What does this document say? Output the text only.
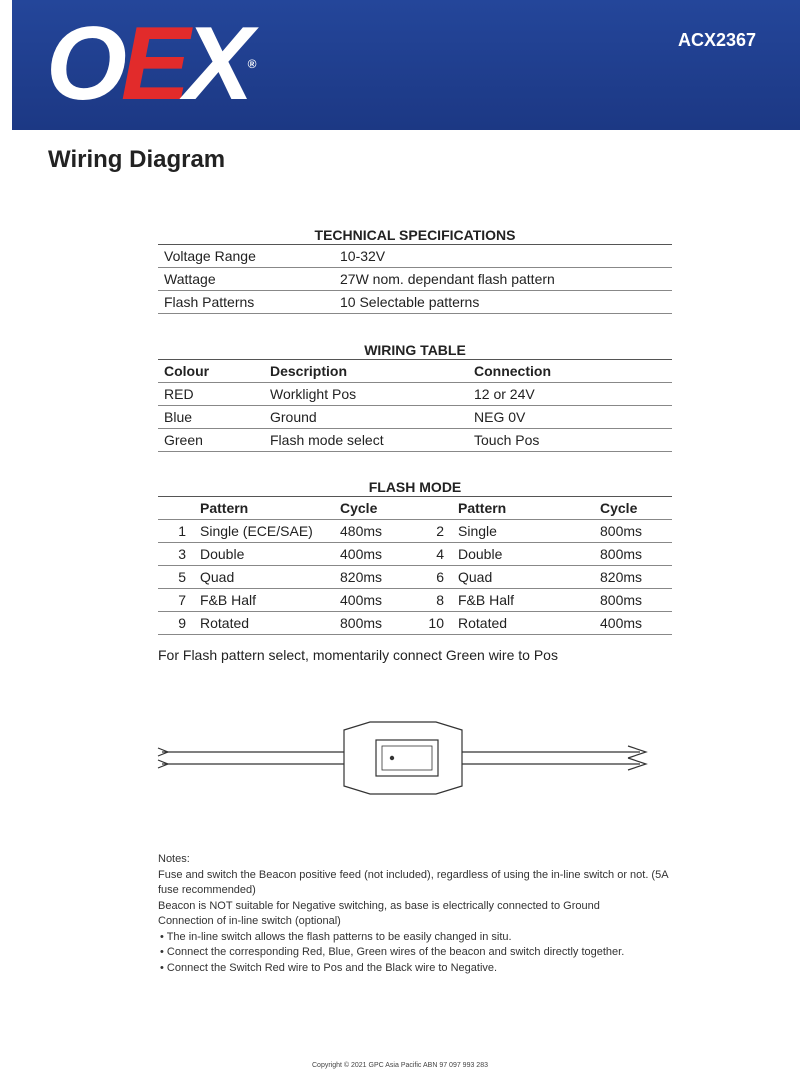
OEX®
ACX2367
Wiring Diagram
TECHNICAL SPECIFICATIONS
Voltage Range	10-32V
Wattage	27W nom. dependant flash pattern
Flash Patterns	10 Selectable patterns
WIRING TABLE
Colour	Description	Connection
RED	Worklight Pos	12 or 24V
Blue	Ground	NEG 0V
Green	Flash mode select	Touch Pos
FLASH MODE
	Pattern	Cycle		Pattern	Cycle
1	Single (ECE/SAE)	480ms	2	Single	800ms
3	Double	400ms	4	Double	800ms
5	Quad	820ms	6	Quad	820ms
7	F&B Half	400ms	8	F&B Half	800ms
9	Rotated	800ms	10	Rotated	400ms
For Flash pattern select, momentarily connect Green wire to Pos
Notes:
Fuse and switch the Beacon positive feed (not included), regardless of using the in-line switch or not. (5A fuse recommended)
Beacon is NOT suitable for Negative switching, as base is electrically connected to Ground
Connection of in-line switch (optional)
• The in-line switch allows the flash patterns to be easily changed in situ.
• Connect the corresponding Red, Blue, Green wires of the beacon and switch directly together.
• Connect the Switch Red wire to Pos and the Black wire to Negative.
Copyright © 2021 GPC Asia Pacific ABN 97 097 993 283
